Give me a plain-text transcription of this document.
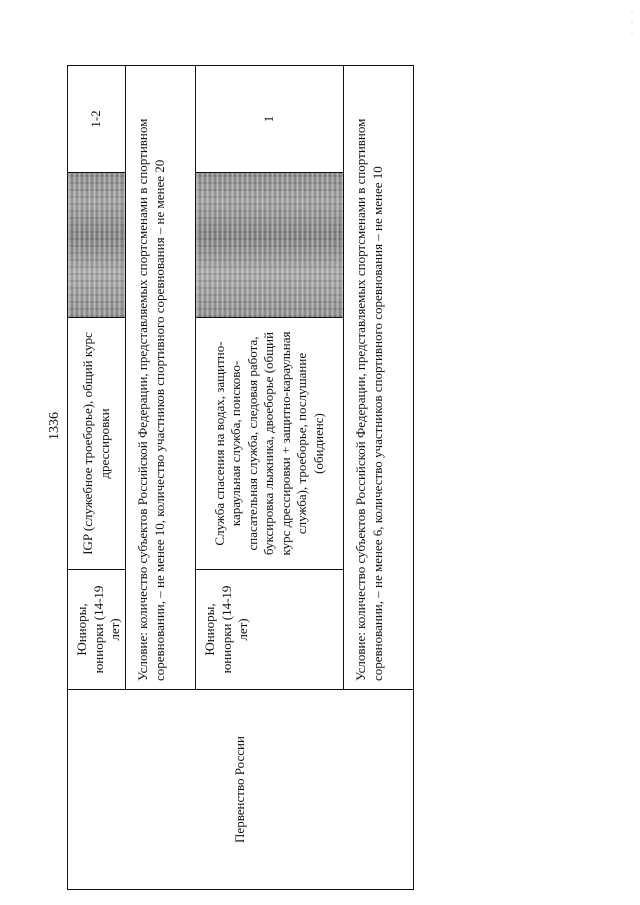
1336
Первенство России	Юниоры, юниорки (14-19 лет)	IGP (служебное троеборье), общий курс дрессировки		1-2

	Условие: количество субъектов Российской Федерации, представляемых спортсменами в спортивном соревновании, – не менее 10, количество участников спортивного соревнования – не менее 20			

	Юниоры, юниорки (14-19 лет)	Служба спасения на водах, защитно-караульная служба, поисково-спасательная служба, следовая работа, буксировка лыжника, двоеборье (общий курс дрессировки + защитно-караульная служба), троеборье, послушание (обидиенс)		1

	Условие: количество субъектов Российской Федерации, представляемых спортсменами в спортивном соревновании, – не менее 6, количество участников спортивного соревнования – не менее 10			
· · ·
